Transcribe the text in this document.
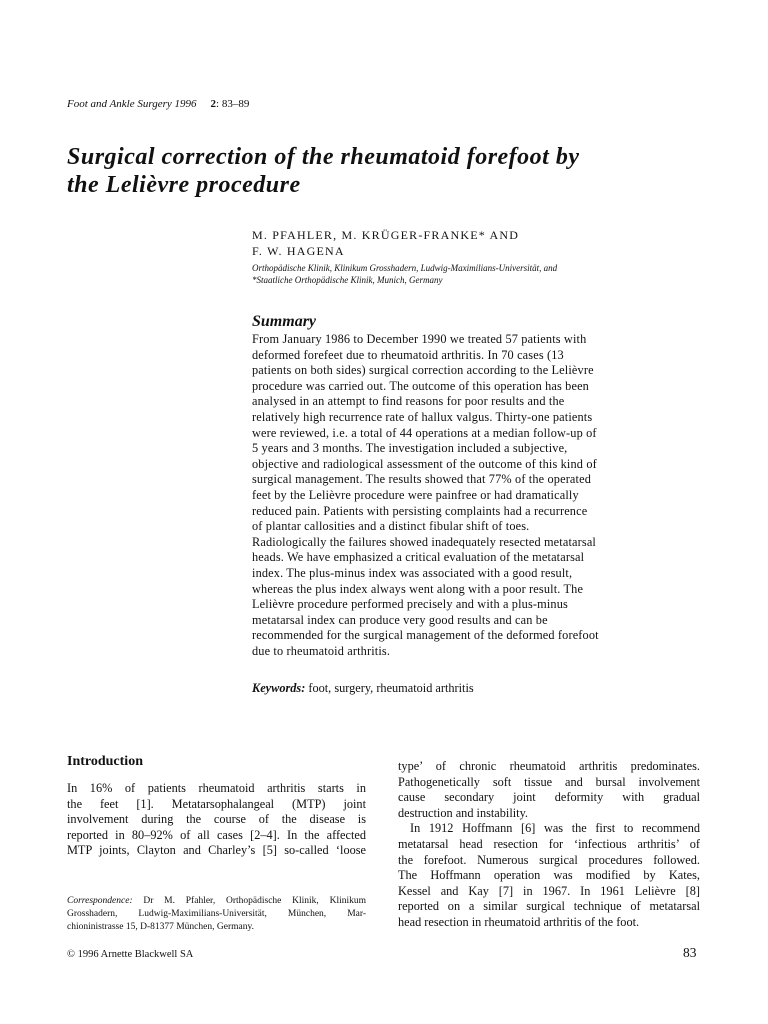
Foot and Ankle Surgery 1996 2: 83–89
Surgical correction of the rheumatoid forefoot by
the Lelièvre procedure
M. PFAHLER, M. KRÜGER-FRANKE* AND
F. W. HAGENA
Orthopädische Klinik, Klinikum Grosshadern, Ludwig-Maximilians-Universität, and
*Staatliche Orthopädische Klinik, Munich, Germany
Summary
From January 1986 to December 1990 we treated 57 patients with
deformed forefeet due to rheumatoid arthritis. In 70 cases (13
patients on both sides) surgical correction according to the Lelièvre
procedure was carried out. The outcome of this operation has been
analysed in an attempt to find reasons for poor results and the
relatively high recurrence rate of hallux valgus. Thirty-one patients
were reviewed, i.e. a total of 44 operations at a median follow-up of
5 years and 3 months. The investigation included a subjective,
objective and radiological assessment of the outcome of this kind of
surgical management. The results showed that 77% of the operated
feet by the Lelièvre procedure were painfree or had dramatically
reduced pain. Patients with persisting complaints had a recurrence
of plantar callosities and a distinct fibular shift of toes.
Radiologically the failures showed inadequately resected metatarsal
heads. We have emphasized a critical evaluation of the metatarsal
index. The plus-minus index was associated with a good result,
whereas the plus index always went along with a poor result. The
Lelièvre procedure performed precisely and with a plus-minus
metatarsal index can produce very good results and can be
recommended for the surgical management of the deformed forefoot
due to rheumatoid arthritis.
Keywords: foot, surgery, rheumatoid arthritis
Introduction
In 16% of patients rheumatoid arthritis starts in
the feet [1]. Metatarsophalangeal (MTP) joint
involvement during the course of the disease is
reported in 80–92% of all cases [2–4]. In the affected
MTP joints, Clayton and Charley’s [5] so-called ‘loose
type’ of chronic rheumatoid arthritis predominates.
Pathogenetically soft tissue and bursal involvement
cause secondary joint deformity with gradual
destruction and instability.
In 1912 Hoffmann [6] was the first to recommend
metatarsal head resection for ‘infectious arthritis’ of
the forefoot. Numerous surgical procedures followed.
The Hoffmann operation was modified by Kates,
Kessel and Kay [7] in 1967. In 1961 Lelièvre [8]
reported on a similar surgical technique of metatarsal
head resection in rheumatoid arthritis of the foot.
Correspondence: Dr M. Pfahler, Orthopädische Klinik, Klinikum
Grosshadern, Ludwig-Maximilians-Universität, München, Mar-
chioninistrasse 15, D-81377 München, Germany.
© 1996 Arnette Blackwell SA	83
